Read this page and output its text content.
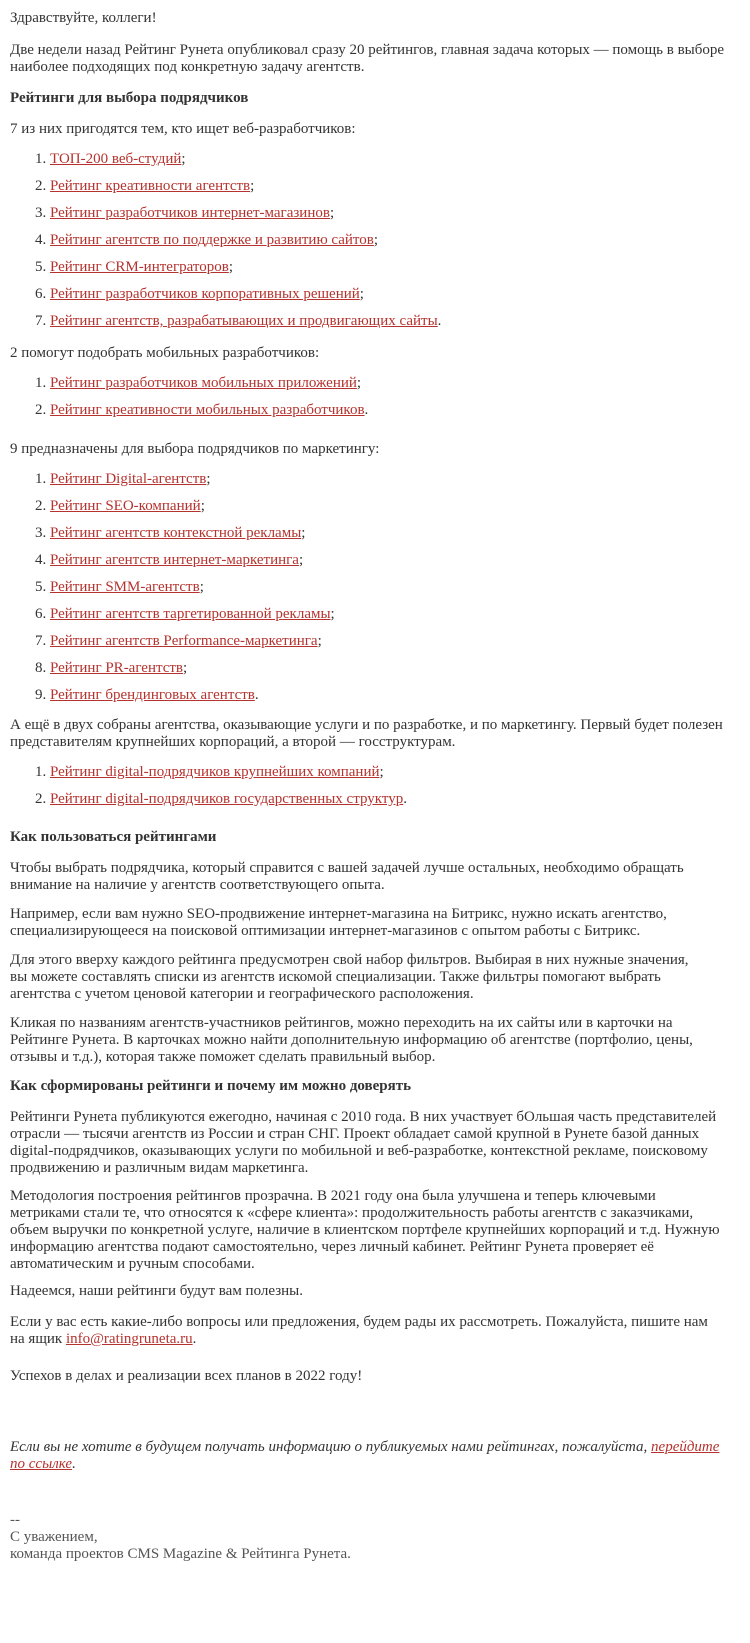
Здравствуйте, коллеги!

Две недели назад Рейтинг Рунета опубликовал сразу 20 рейтингов, главная задача которых — помощь в выборе наиболее подходящих под конкретную задачу агентств.

Рейтинги для выбора подрядчиков

7 из них пригодятся тем, кто ищет веб-разработчиков:

1. ТОП-200 веб-студий;
2. Рейтинг креативности агентств;
3. Рейтинг разработчиков интернет-магазинов;
4. Рейтинг агентств по поддержке и развитию сайтов;
5. Рейтинг CRM-интеграторов;
6. Рейтинг разработчиков корпоративных решений;
7. Рейтинг агентств, разрабатывающих и продвигающих сайты.

2 помогут подобрать мобильных разработчиков:

1. Рейтинг разработчиков мобильных приложений;
2. Рейтинг креативности мобильных разработчиков.

9 предназначены для выбора подрядчиков по маркетингу:

1. Рейтинг Digital-агентств;
2. Рейтинг SEO-компаний;
3. Рейтинг агентств контекстной рекламы;
4. Рейтинг агентств интернет-маркетинга;
5. Рейтинг SMM-агентств;
6. Рейтинг агентств таргетированной рекламы;
7. Рейтинг агентств Performance-маркетинга;
8. Рейтинг PR-агентств;
9. Рейтинг брендинговых агентств.

А ещё в двух собраны агентства, оказывающие услуги и по разработке, и по маркетингу. Первый будет полезен представителям крупнейших корпораций, а второй — госструктурам.

1. Рейтинг digital-подрядчиков крупнейших компаний;
2. Рейтинг digital-подрядчиков государственных структур.

Как пользоваться рейтингами

Чтобы выбрать подрядчика, который справится с вашей задачей лучше остальных, необходимо обращать внимание на наличие у агентств соответствующего опыта.

Например, если вам нужно SEO-продвижение интернет-магазина на Битрикс, нужно искать агентство, специализирующееся на поисковой оптимизации интернет-магазинов с опытом работы с Битрикс.

Для этого вверху каждого рейтинга предусмотрен свой набор фильтров. Выбирая в них нужные значения, вы можете составлять списки из агентств искомой специализации. Также фильтры помогают выбрать агентства с учетом ценовой категории и географического расположения.

Кликая по названиям агентств-участников рейтингов, можно переходить на их сайты или в карточки на Рейтинге Рунета. В карточках можно найти дополнительную информацию об агентстве (портфолио, цены, отзывы и т.д.), которая также поможет сделать правильный выбор.

Как сформированы рейтинги и почему им можно доверять

Рейтинги Рунета публикуются ежегодно, начиная с 2010 года. В них участвует бОльшая часть представителей отрасли — тысячи агентств из России и стран СНГ. Проект обладает самой крупной в Рунете базой данных digital-подрядчиков, оказывающих услуги по мобильной и веб-разработке, контекстной рекламе, поисковому продвижению и различным видам маркетинга.

Методология построения рейтингов прозрачна. В 2021 году она была улучшена и теперь ключевыми метриками стали те, что относятся к «сфере клиента»: продолжительность работы агентств с заказчиками, объем выручки по конкретной услуге, наличие в клиентском портфеле крупнейших корпораций и т.д. Нужную информацию агентства подают самостоятельно, через личный кабинет. Рейтинг Рунета проверяет её автоматическим и ручным способами.

Надеемся, наши рейтинги будут вам полезны.

Если у вас есть какие-либо вопросы или предложения, будем рады их рассмотреть. Пожалуйста, пишите нам на ящик info@ratingruneta.ru.

Успехов в делах и реализации всех планов в 2022 году!

Если вы не хотите в будущем получать информацию о публикуемых нами рейтингах, пожалуйста, перейдите по ссылке.

--

С уважением,

команда проектов CMS Magazine & Рейтинга Рунета.
